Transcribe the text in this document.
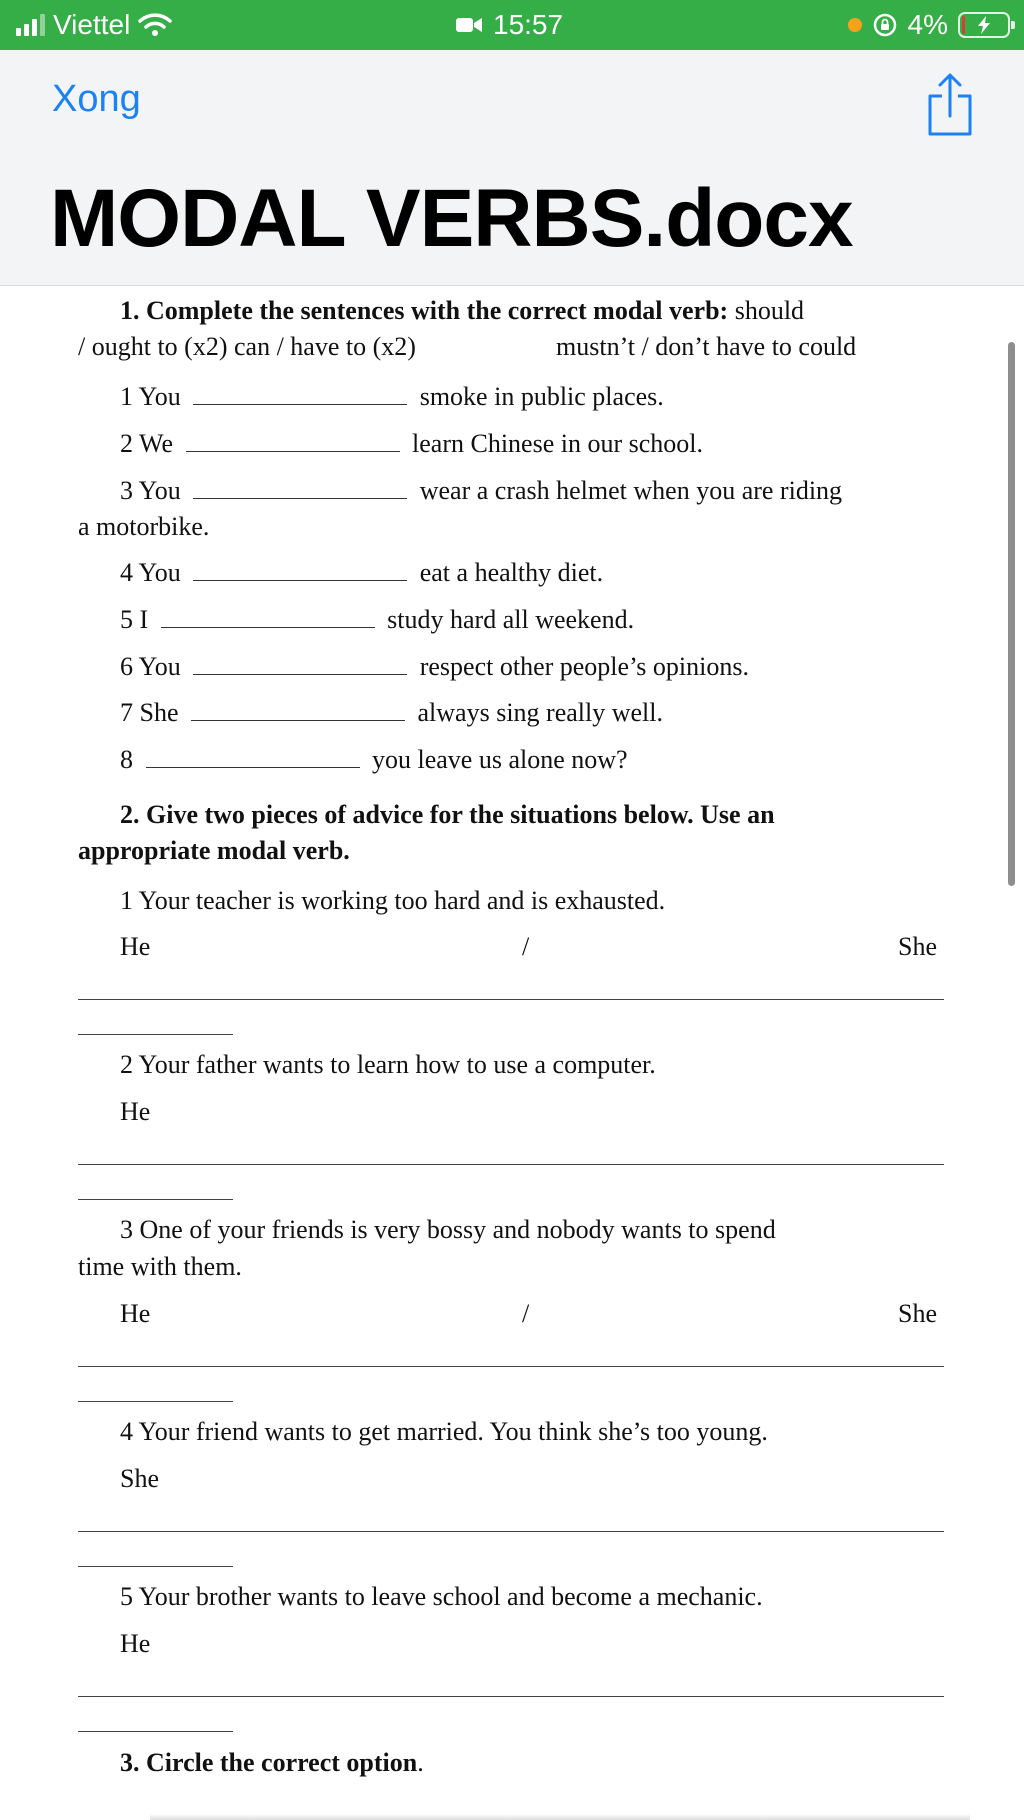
Viettel	15:57	4%
Xong
MODAL VERBS.docx
1. Complete the sentences with the correct modal verb: should
/ ought to (x2) can / have to (x2)	mustn’t / don’t have to could
1 You	smoke in public places.
2 We	learn Chinese in our school.
3 You	wear a crash helmet when you are riding
a motorbike.
4 You	eat a healthy diet.
5 I	study hard all weekend.
6 You	respect other people’s opinions.
7 She	always sing really well.
8	you leave us alone now?
2. Give two pieces of advice for the situations below. Use an
appropriate modal verb.
1 Your teacher is working too hard and is exhausted.
He	/	She
2 Your father wants to learn how to use a computer.
He
3 One of your friends is very bossy and nobody wants to spend
time with them.
He	/	She
4 Your friend wants to get married. You think she’s too young.
She
5 Your brother wants to leave school and become a mechanic.
He
3. Circle the correct option.
